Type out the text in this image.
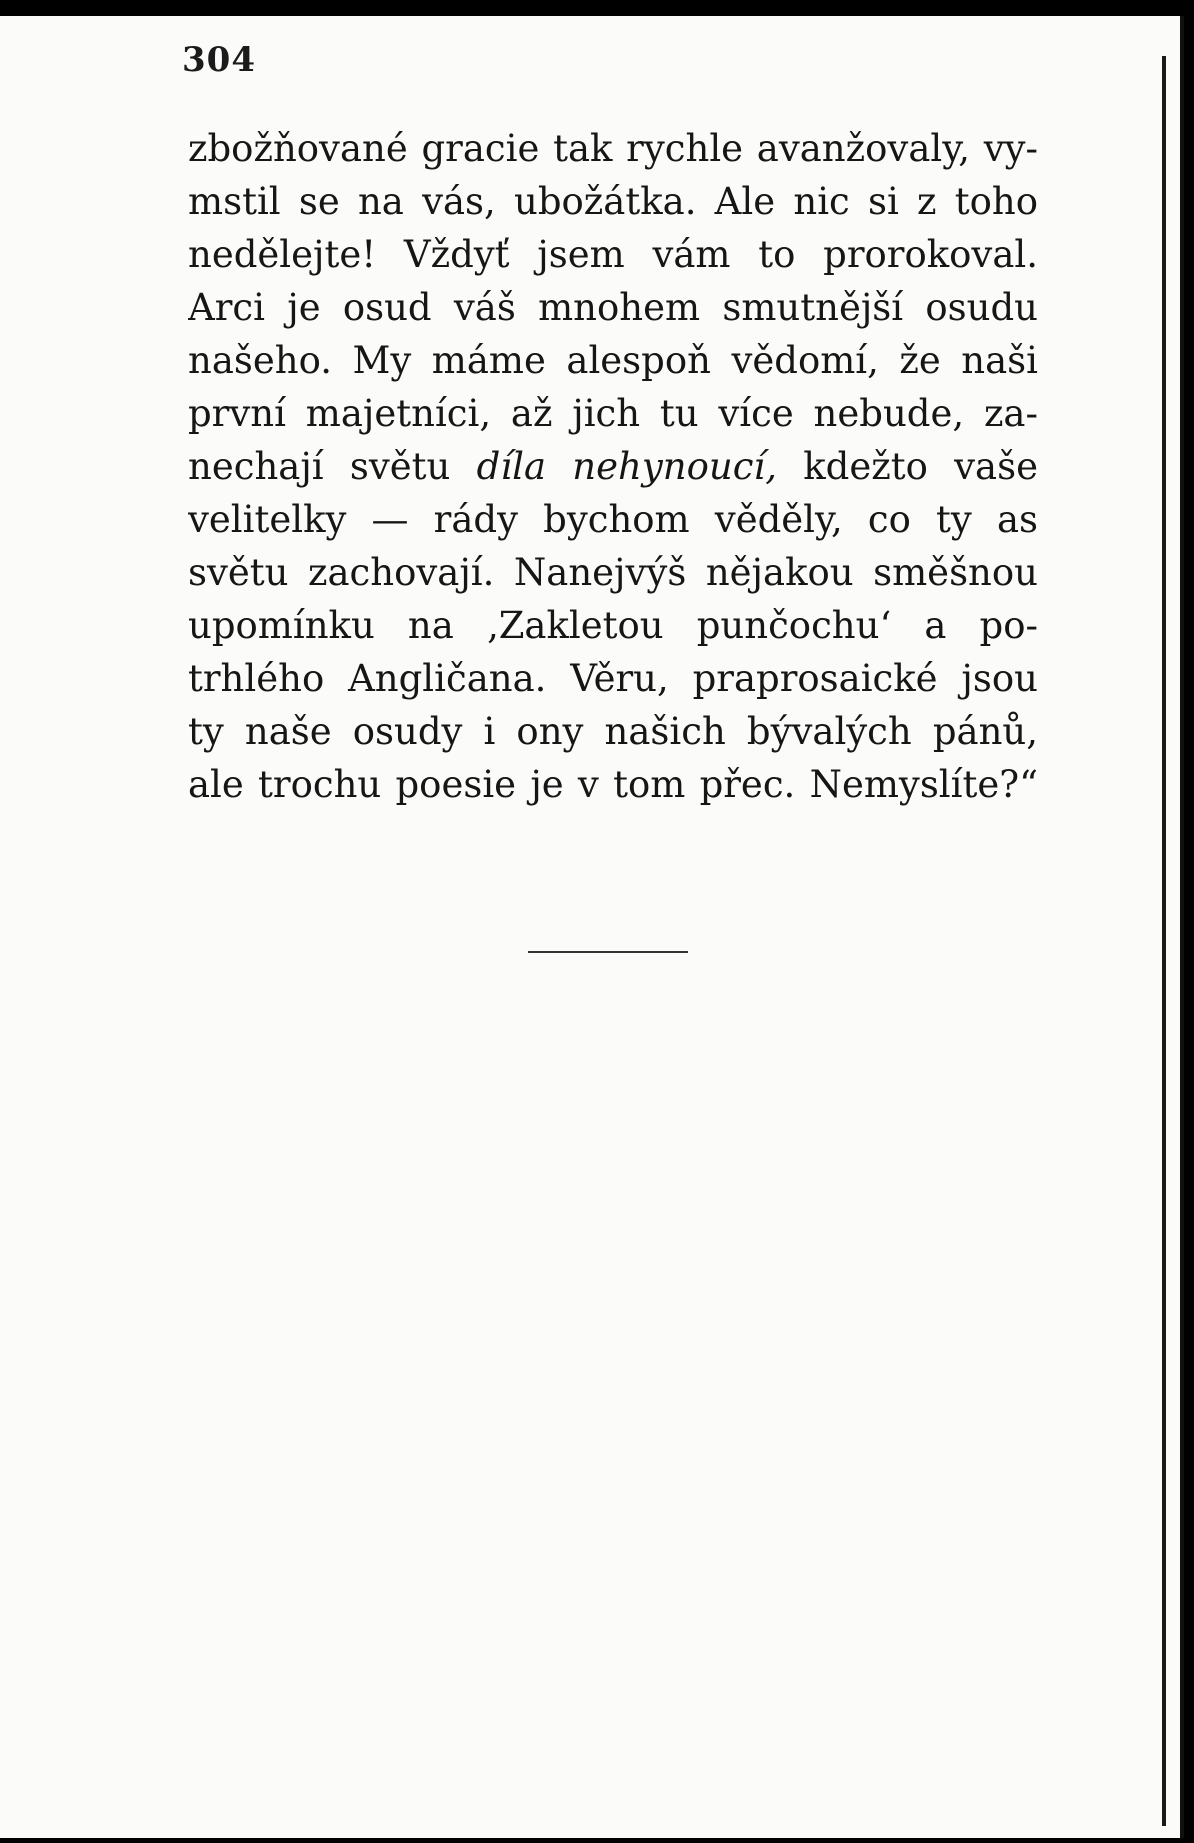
304
zbožňované gracie tak rychle avanžovaly, vy-
mstil se na vás, ubožátka. Ale nic si z toho
nedělejte! Vždyť jsem vám to prorokoval.
Arci je osud váš mnohem smutnější osudu
našeho. My máme alespoň vědomí, že naši
první majetníci, až jich tu více nebude, za-
nechají světu díla nehynoucí, kdežto vaše
velitelky — rády bychom věděly, co ty as
světu zachovají. Nanejvýš nějakou směšnou
upomínku na ‚Zakletou punčochu‘ a po-
trhlého Angličana. Věru, praprosaické jsou
ty naše osudy i ony našich bývalých pánů,
ale trochu poesie je v tom přec. Nemyslíte?“
